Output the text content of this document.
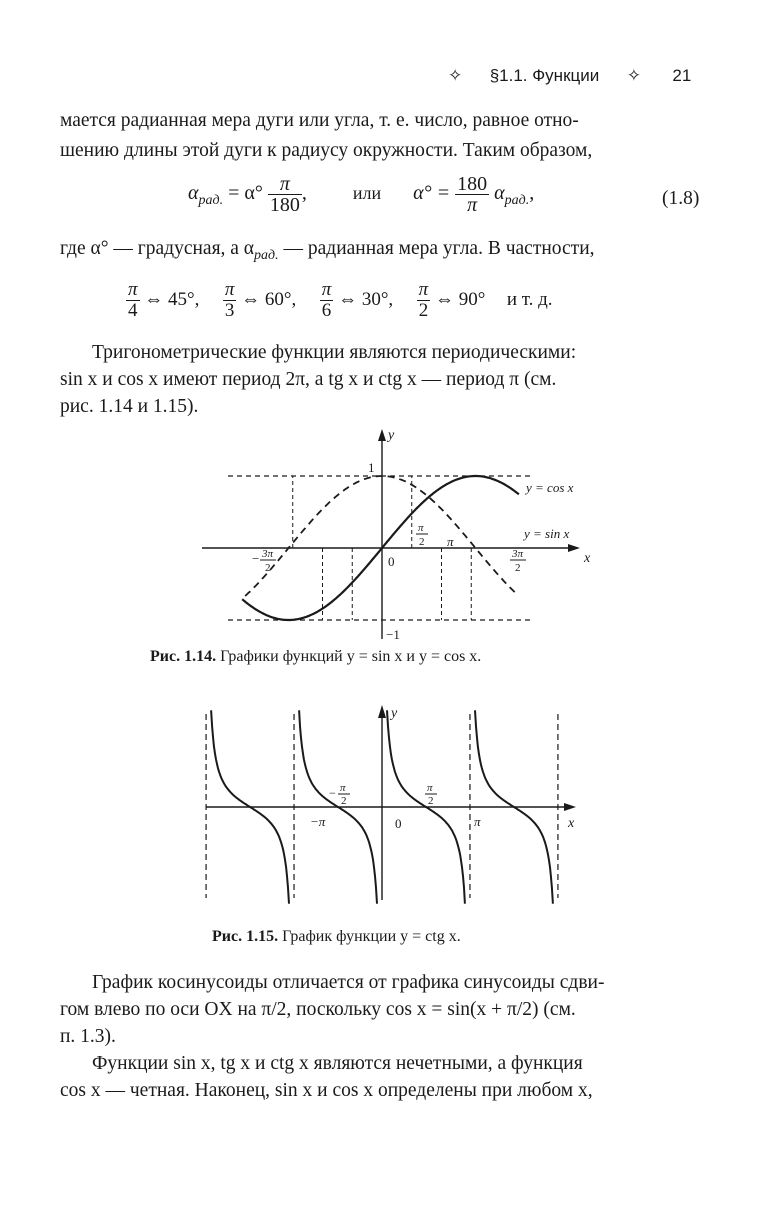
✧ §1.1. Функции ✧ 21
мается радианная мера дуги или угла, т. е. число, равное отно-
шению длины этой дуги к радиусу окружности. Таким образом,
$\alpha_{рад.} = \alpha^\circ \frac{\pi}{180}$ ,	или $\alpha^\circ = \frac{180}{\pi} \alpha_{рад.}$,	(1.8)
где α° — градусная, а $\alpha_{рад.}$ — радианная мера угла. В частности,
$\frac{\pi}{4}$ ⇔ 45°, $\frac{\pi}{3}$ ⇔ 60°, $\frac{\pi}{6}$ ⇔ 30°, $\frac{\pi}{2}$ ⇔ 90° и т. д.
Тригонометрические функции являются периодическими:
sin x и cos x имеют период 2π, а tg x и ctg x — период π (см.
рис. 1.14 и 1.15).
y
1
−1
0
π
π
2
− 3π
2
3π
2
x
y = cos x
y = sin x
Рис. 1.14. Графики функций y = sin x и y = cos x.
y
x
0
−π	π
− π
2
π
2
Рис. 1.15. График функции y = ctg x.
График косинусоиды отличается от графика синусоиды сдви-
гом влево по оси OX на π/2, поскольку cos x = sin(x + π/2) (см.
п. 1.3).
Функции sin x, tg x и ctg x являются нечетными, а функция
cos x — четная. Наконец, sin x и cos x определены при любом x,
